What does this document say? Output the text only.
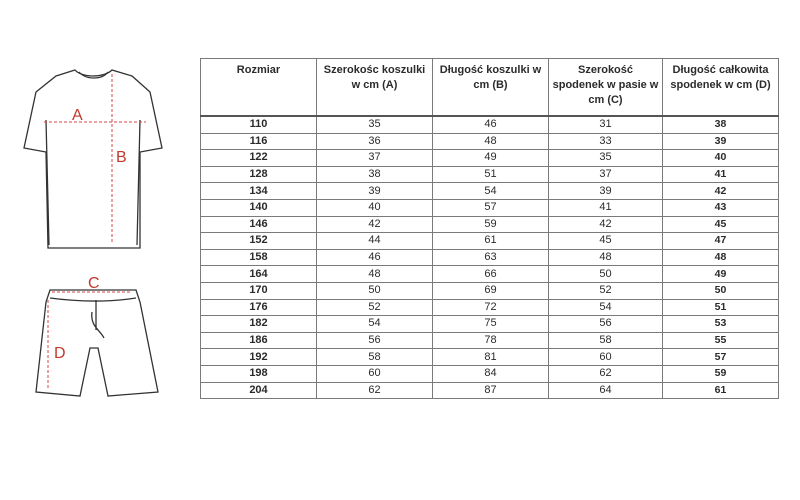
A
B
C
D
Rozmiar	Szerokośc koszulki w cm (A)	Długość koszulki w cm (B)	Szerokość spodenek w pasie w cm (C)	Długość całkowita spodenek w cm (D)
110	35	46	31	38
116	36	48	33	39
122	37	49	35	40
128	38	51	37	41
134	39	54	39	42
140	40	57	41	43
146	42	59	42	45
152	44	61	45	47
158	46	63	48	48
164	48	66	50	49
170	50	69	52	50
176	52	72	54	51
182	54	75	56	53
186	56	78	58	55
192	58	81	60	57
198	60	84	62	59
204	62	87	64	61
